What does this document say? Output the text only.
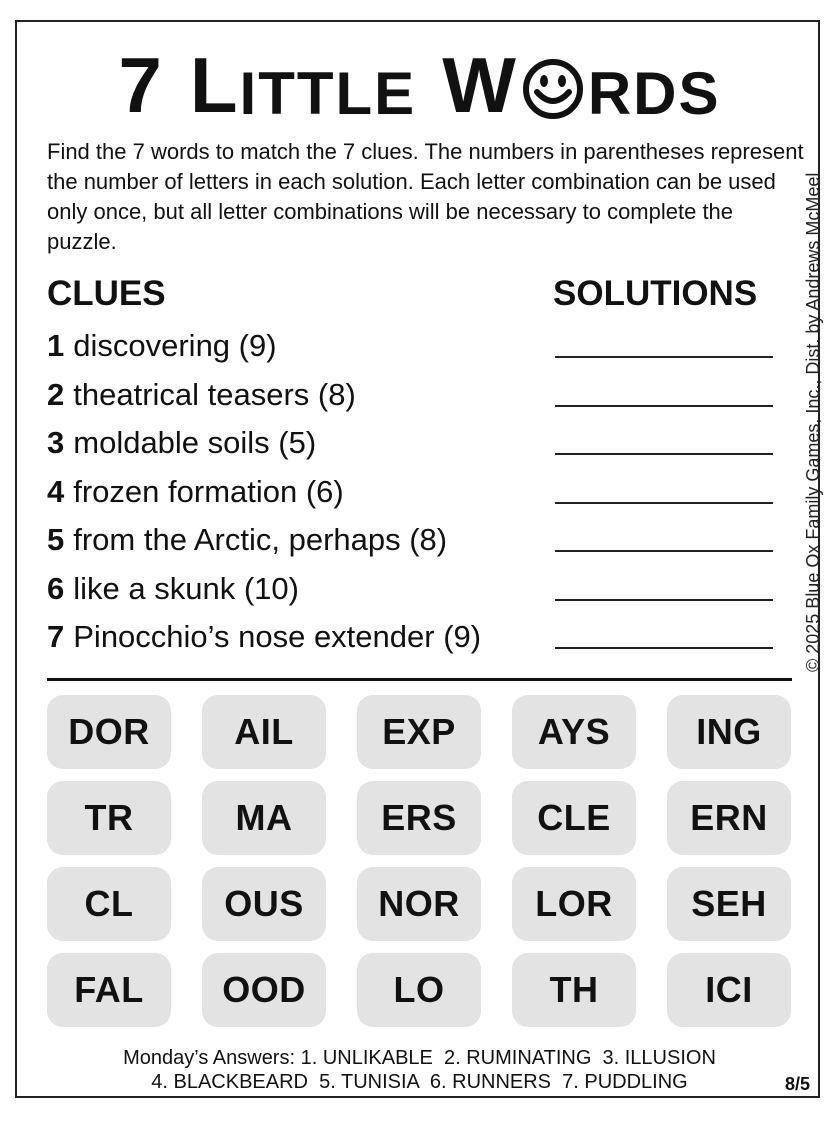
7 L ITTLE W RDS
Find the 7 words to match the 7 clues. The numbers in parentheses represent the number of letters in each solution. Each letter combination can be used only once, but all letter combinations will be necessary to complete the puzzle.
CLUES	SOLUTIONS
1 discovering (9)
2 theatrical teasers (8)
3 moldable soils (5)
4 frozen formation (6)
5 from the Arctic, perhaps (8)
6 like a skunk (10)
7 Pinocchio’s nose extender (9)	© 2025 Blue Ox Family Games, Inc., Dist. by Andrews McMeel
DOR	AIL	EXP	AYS	ING
TR	MA	ERS	CLE	ERN
CL	OUS	NOR	LOR	SEH
FAL	OOD	LO	TH	ICI
Monday’s Answers: 1. UNLIKABLE  2. RUMINATING  3. ILLUSION
4. BLACKBEARD  5. TUNISIA  6. RUNNERS  7. PUDDLING	8/5
